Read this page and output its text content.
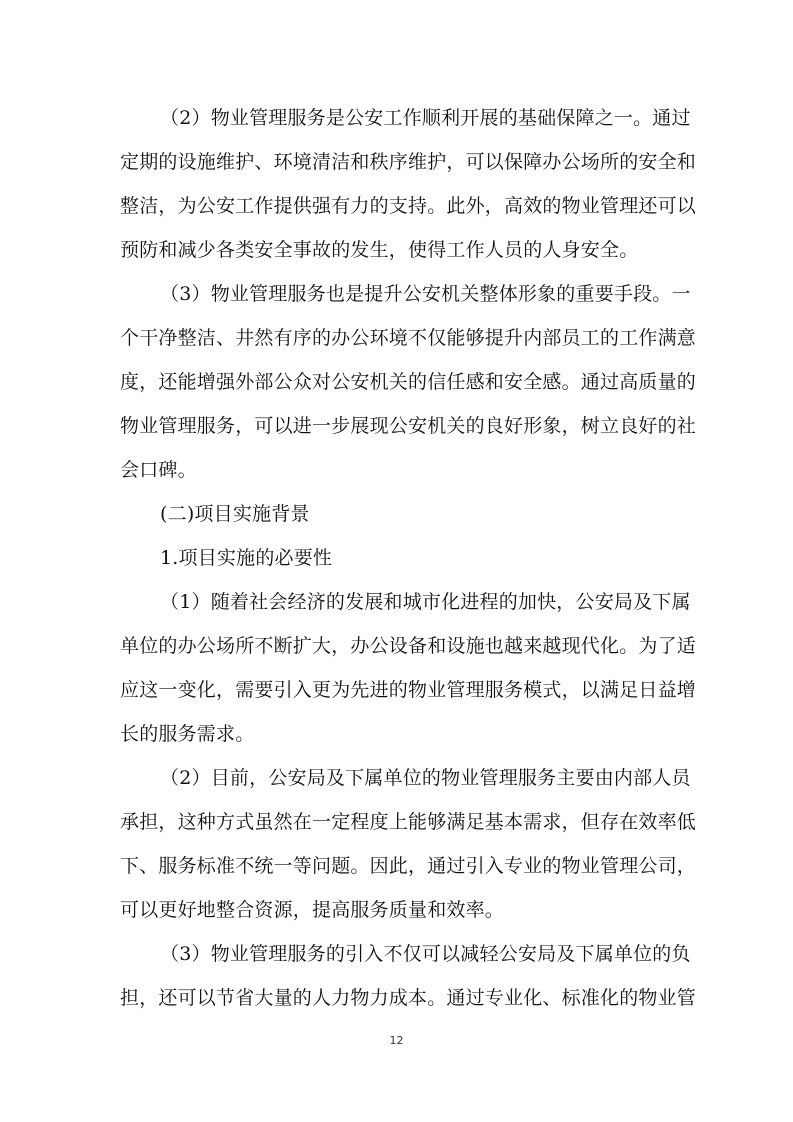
（2）物业管理服务是公安工作顺利开展的基础保障之一。通过
定期的设施维护、环境清洁和秩序维护，可以保障办公场所的安全和
整洁，为公安工作提供强有力的支持。此外，高效的物业管理还可以
预防和减少各类安全事故的发生，使得工作人员的人身安全。
（3）物业管理服务也是提升公安机关整体形象的重要手段。一
个干净整洁、井然有序的办公环境不仅能够提升内部员工的工作满意
度，还能增强外部公众对公安机关的信任感和安全感。通过高质量的
物业管理服务，可以进一步展现公安机关的良好形象，树立良好的社
会口碑。
(二)项目实施背景
1.项目实施的必要性
（1）随着社会经济的发展和城市化进程的加快，公安局及下属
单位的办公场所不断扩大，办公设备和设施也越来越现代化。为了适
应这一变化，需要引入更为先进的物业管理服务模式，以满足日益增
长的服务需求。
（2）目前，公安局及下属单位的物业管理服务主要由内部人员
承担，这种方式虽然在一定程度上能够满足基本需求，但存在效率低
下、服务标准不统一等问题。因此，通过引入专业的物业管理公司，
可以更好地整合资源，提高服务质量和效率。
（3）物业管理服务的引入不仅可以减轻公安局及下属单位的负
担，还可以节省大量的人力物力成本。通过专业化、标准化的物业管
12
